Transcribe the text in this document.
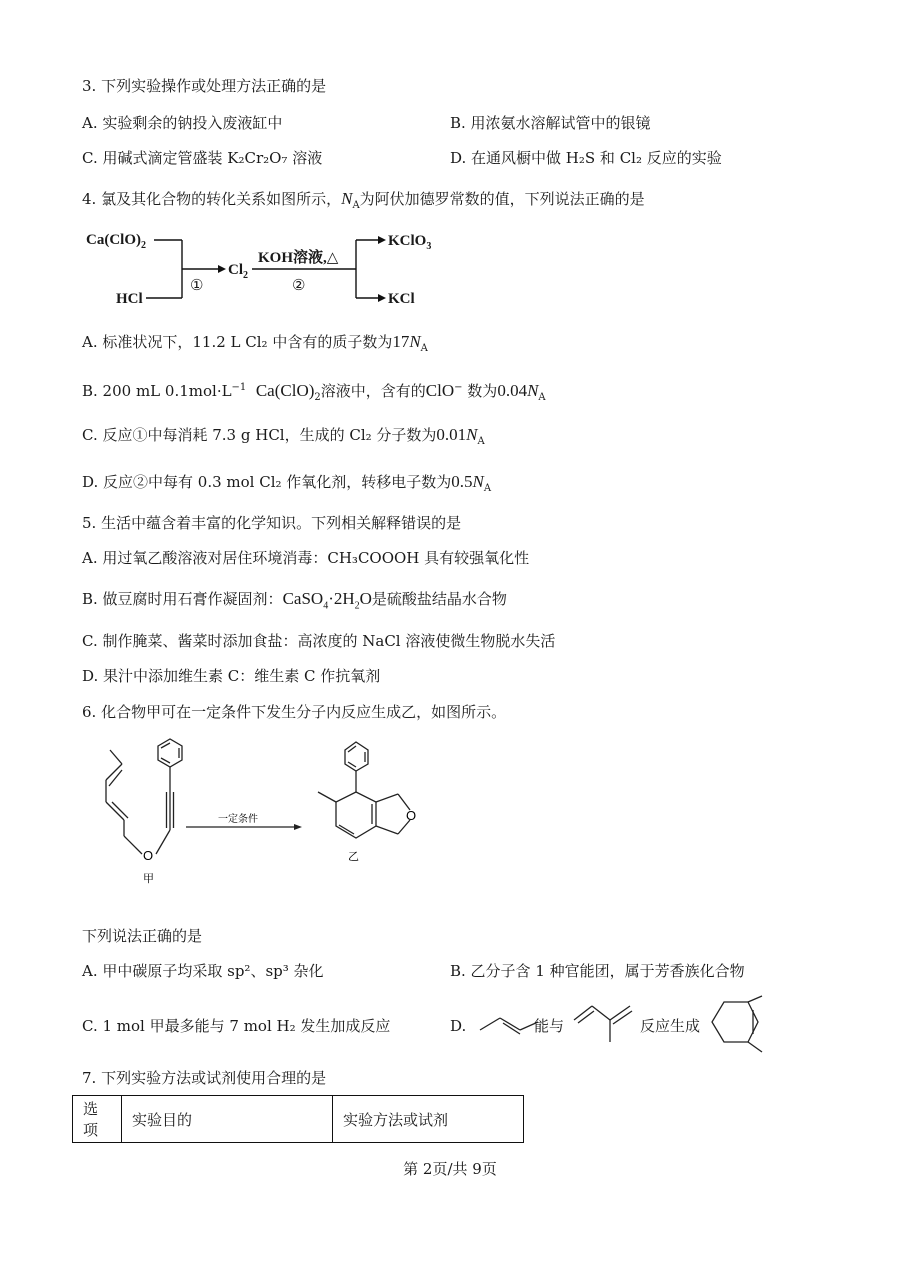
3. 下列实验操作或处理方法正确的是
A. 实验剩余的钠投入废液缸中	B. 用浓氨水溶解试管中的银镜
C. 用碱式滴定管盛装 K₂Cr₂O₇ 溶液	D. 在通风橱中做 H₂S 和 Cl₂ 反应的实验
4. 氯及其化合物的转化关系如图所示，$N_A$为阿伏加德罗常数的值，下列说法正确的是
$Ca(ClO)_2$
HCl
①
$Cl_2$
KOH溶液,△
②
KClO$_3$
KCl
A. 标准状况下，11.2 L Cl₂ 中含有的质子数为$17N_A$
B. 200 mL $0.1mol\cdot L^{-1}$ $Ca(ClO)_2$溶液中，含有的ClO− 数为$0.04N_A$
C. 反应①中每消耗 7.3 g HCl，生成的 Cl₂ 分子数为$0.01N_A$
D. 反应②中每有 0.3 mol Cl₂ 作氧化剂，转移电子数为$0.5N_A$
5. 生活中蕴含着丰富的化学知识。下列相关解释错误的是
A. 用过氧乙酸溶液对居住环境消毒：CH₃COOOH 具有较强氧化性
B. 做豆腐时用石膏作凝固剂：$CaSO_4\cdot 2H_2O$是硫酸盐结晶水合物
C. 制作腌菜、酱菜时添加食盐：高浓度的 NaCl 溶液使微生物脱水失活
D. 果汁中添加维生素 C：维生素 C 作抗氧剂
6. 化合物甲可在一定条件下发生分子内反应生成乙，如图所示。
O
甲
一定条件	O
乙
下列说法正确的是
A. 甲中碳原子均采取 sp²、sp³ 杂化	B. 乙分子含 1 种官能团，属于芳香族化合物
C. 1 mol 甲最多能与 7 mol H₂ 发生加成反应	D.	能与	反应生成
7. 下列实验方法或试剂使用合理的是
选项	实验目的	实验方法或试剂
第 2页/共 9页
